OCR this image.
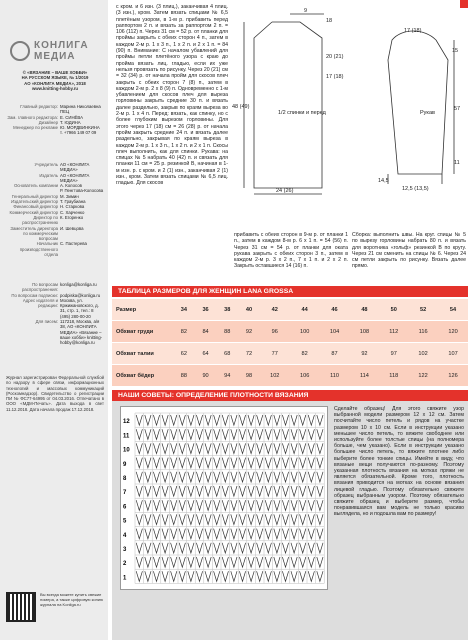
КОНЛИГА
МЕДИА
© «ВЯЗАНИЕ – ВАШЕ ХОББИ»
НА РУССКОМ ЯЗЫКЕ, № 1/2019
АО «КОНЛИГА МЕДИА», 2018
www.knitting-hobby.ru
Главный редактор: Марина Николаевна ПЕЦ
Зам. главного редактора: Е. СИНЁВА
Дизайнер Т. ЮДИНА
Менеджер по рекламе Ю. МОРДВИНКИНА
т. +7966 149 07 09
Учредитель АО «КОНЛИГА МЕДИА»
Издатель АО «КОНЛИГА МЕДИА»
Основатель компании А. Колосов
Р. Пенгтова-Колосова
Генеральный директор М. Зимин
Издательский директор Т. Граубиана
Финансовый директор Н. Старкова
Коммерческий директор С. Харченко
Директор по распространению
К. Егоренко
Заместитель директора по коммерческим вопросам
И. Шевцова
Начальник производственного отдела
С. Пастерева
По вопросам распространения:
konliga@konliga.ru
По вопросам подписки: podpiska@konliga.ru
Адрес издателя и редакции:
Москва, ул. Кржижановского, д. 31, стр. 1, тел.: 8 (495) 280-00-20
Для писем: 117218, Москва, а/я 38, АО «КОНЛИГА МЕДИА» «Вязание – ваше хобби» knitting-hobby@konliga.ru
Журнал зарегистрирован Федеральной службой по надзору в сфере связи, информационных технологий и массовых коммуникаций (Роскомнадзор). Свидетельство о регистрации ПИ № ФС77-64995 от 04.03.2016. Отпечатано в ООО «МДМ-Печать». Дата выхода в свет 11.12.2018. Дата начала продаж 17.12.2018.
Вы всегда можете купить свежие номера, а также цифровую копию журнала на Konliga.ru
с кром. и 6 изн. (3 плиц.), заканчивая 4 плиц. (3 изн.), кром. Затем вязать спицами № 6,5 плетёным узором, в 1-м р. прибавить перед раппортом 2 п. и вязать за раппортом 2 п. = 106 (112) п. Через 31 см = 52 р. от планки для проймы закрыть с обеих сторон 4 п., затем в каждом 2-м р. 1 х 3 п., 1 х 2 п. и 2 х 1 п. = 84 (90) п. Внимание: С началом убавлений для проймы петли плетёного узора с краю до пройма вязать лиц. гладью, если их уже нельзя провязать по рисунку. Через 20 (21) см = 32 (34) р. от начала пройм для скосов плеч закрыть с обеих сторон 7 (8) п., затем в каждом 2-м р. 2 х 8 (9) п. Одновременно с 1-м убавлением для скосов плеч для выреза горловины закрыть средние 30 п. и вязать далее раздельно, закрыв по краям выреза во 2-м р. 1 х 4 п. Перед: вязать, как спинку, но с более глубоким вырезом горловины. Для этого через 17 (18) см = 26 (28) р. от начала пройм закрыть средние 24 п. и вязать далее раздельно, закрывая по краям выреза в каждом 2-м р. 1 х 3 п., 1 х 2 п. и 2 х 1 п. Скосы плеч выполнить, как для спинки. Рукава: на спицах № 5 набрать 40 (42) п. и связать для планки 11 см = 25 р. резинкой В, начиная в 1-м изн. р. с кром. и 2 (1) изн., заканчивая 2 (1) изн., кром. Затем вязать спицами № 6,5 лиц. гладью. Для скосов
1/2 спинки и перед
9
18
20 (21)
17 (18)
48 (49)
24 (26)
17 (18)
15
57
11
14,5
12,5 (13,5)
Рукав
прибавить с обеих сторон в 9-м р. от планки 1 п., затем в каждом 8-м р. 6 х 1 п. = 54 (56) п. Через 31 см = 54 р. от планки для оката рукава закрыть с обеих сторон 3 п., затем в каждом 2-м р. 3 х 2 п., 7 х 1 п. и 2 х 2 п. Закрыть оставшиеся 14 (16) п.
Сборка: выполнить швы. На круг. спицы № 5 по вырезу горловины набрать 80 п. и вязать для воротника «гольф» резинкой В по кругу. Через 21 см сменить на спицы № 6. Через 24 см петли закрыть по рисунку. Вязать далее прямо.
ТАБЛИЦА РАЗМЕРОВ ДЛЯ ЖЕНЩИН LANA GROSSA
Размер	34	36	38	40	42	44	46	48	50	52	54
Обхват груди	82	84	88	92	96	100	104	108	112	116	120
Обхват талии	62	64	68	72	77	82	87	92	97	102	107
Обхват бёдер	88	90	94	98	102	106	110	114	118	122	126
НАШИ СОВЕТЫ: ОПРЕДЕЛЕНИЕ ПЛОТНОСТИ ВЯЗАНИЯ
1
2
3
4
5
6
7
8
9
10
11
12
Сделайте образец! Для этого свяжите узор выбранной модели размером 12 х 12 см. Затем посчитайте число петель и рядов на участке размером 10 х 10 см. Если в инструкции указано меньшее число петель, то вяжите свободнее или используйте более толстые спицы (на полномера больше, чем указано). Если в инструкции указано большее число петель, то вяжите плотнее либо выберите более тонкие спицы. Имейте в виду, что вязаные вещи получаются по-разному. Поэтому указанная плотность вязания на мотках пряжи не является обязательной. Кроме того, плотность вязания приводится на мотках на основе вязания лицевой гладью. Поэтому обязательно свяжите образец выбранным узором. Поэтому обязательно свяжите образец и выберите размер, чтобы понравившаяся вам модель не только красиво выглядела, но и подошла вам по размеру!
